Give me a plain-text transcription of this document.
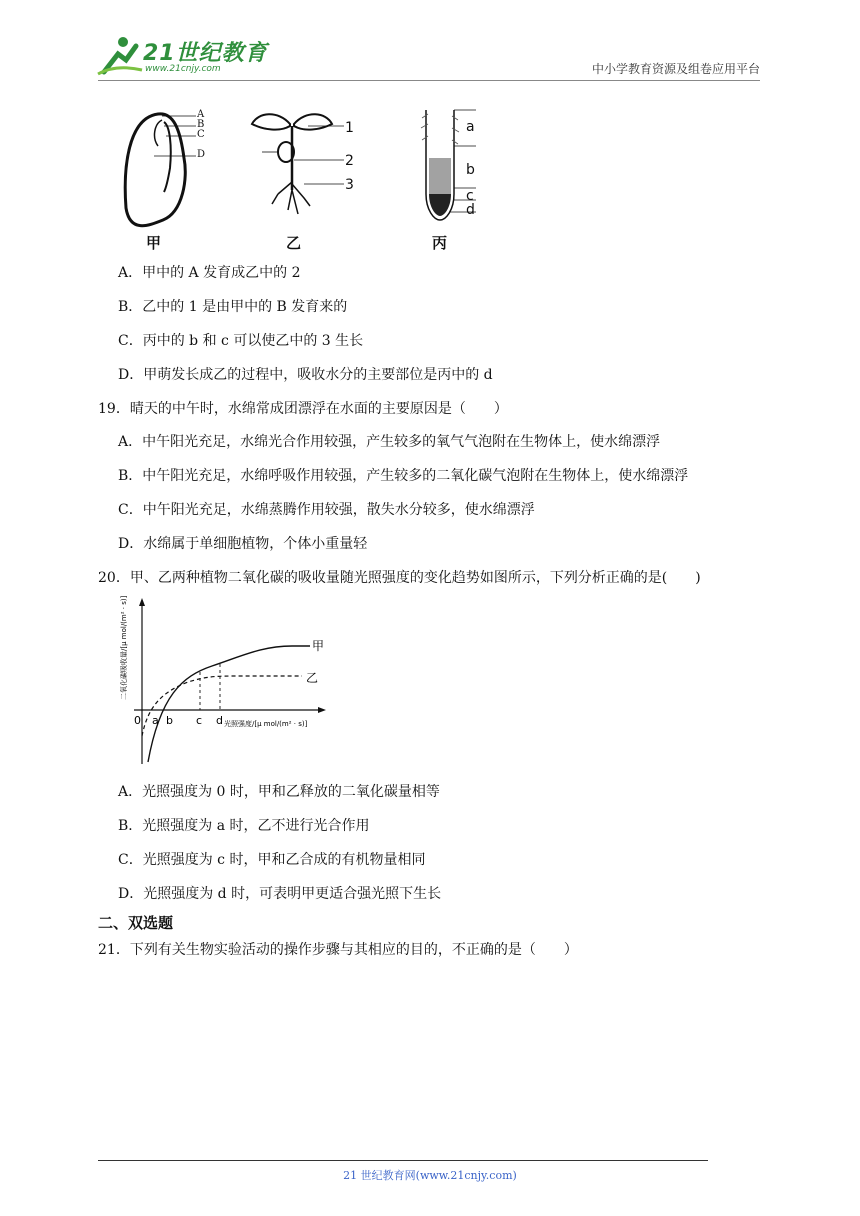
21世纪教育
www.21cnjy.com	中小学教育资源及组卷应用平台
A
B
C
D
甲
1
2
3
乙
a
b
c
d
丙
A．甲中的 A 发育成乙中的 2
B．乙中的 1 是由甲中的 B 发育来的
C．丙中的 b 和 c 可以使乙中的 3 生长
D．甲萌发长成乙的过程中，吸收水分的主要部位是丙中的 d
19．晴天的中午时，水绵常成团漂浮在水面的主要原因是（　　）
A．中午阳光充足，水绵光合作用较强，产生较多的氧气气泡附在生物体上，使水绵漂浮
B．中午阳光充足，水绵呼吸作用较强，产生较多的二氧化碳气泡附在生物体上，使水绵漂浮
C．中午阳光充足，水绵蒸腾作用较强，散失水分较多，使水绵漂浮
D．水绵属于单细胞植物，个体小重量轻
20．甲、乙两种植物二氧化碳的吸收量随光照强度的变化趋势如图所示，下列分析正确的是(　　)
二氧化碳吸收量/[μ mol/(m² · s)]
光照强度/[μ mol/(m² · s)]
0 a b c d
甲
乙
A．光照强度为 0 时，甲和乙释放的二氧化碳量相等
B．光照强度为 a 时，乙不进行光合作用
C．光照强度为 c 时，甲和乙合成的有机物量相同
D．光照强度为 d 时，可表明甲更适合强光照下生长
二、双选题
21．下列有关生物实验活动的操作步骤与其相应的目的，不正确的是（　　）
21 世纪教育网(www.21cnjy.com)
